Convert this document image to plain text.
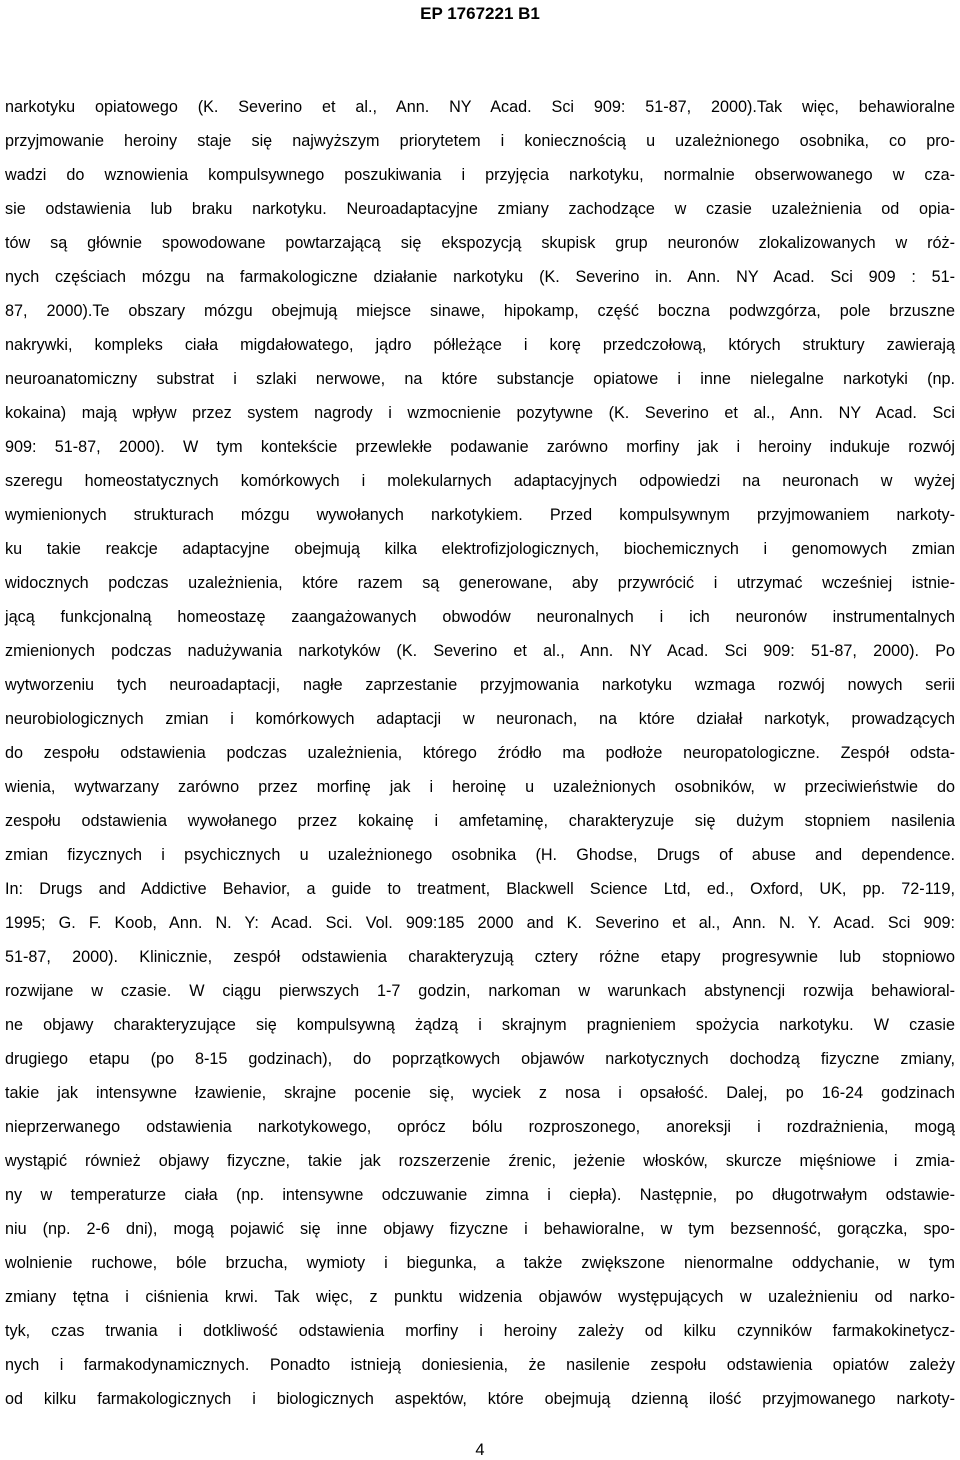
EP 1767221 B1
narkotyku opiatowego (K. Severino et al., Ann. NY Acad. Sci 909: 51-87, 2000).Tak więc, behawioralne
przyjmowanie heroiny staje się najwyższym priorytetem i koniecznością u uzależnionego osobnika, co pro-
wadzi do wznowienia kompulsywnego poszukiwania i przyjęcia narkotyku, normalnie obserwowanego w cza-
sie odstawienia lub braku narkotyku. Neuroadaptacyjne zmiany zachodzące w czasie uzależnienia od opia-
tów są głównie spowodowane powtarzającą się ekspozycją skupisk grup neuronów zlokalizowanych w róż-
nych częściach mózgu na farmakologiczne działanie narkotyku (K. Severino in. Ann. NY Acad. Sci 909 : 51-
87, 2000).Te obszary mózgu obejmują miejsce sinawe, hipokamp, część boczna podwzgórza, pole brzuszne
nakrywki, kompleks ciała migdałowatego, jądro półleżące i korę przedczołową, których struktury zawierają
neuroanatomiczny substrat i szlaki nerwowe, na które substancje opiatowe i inne nielegalne narkotyki (np.
kokaina) mają wpływ przez system nagrody i wzmocnienie pozytywne (K. Severino et al., Ann. NY Acad. Sci
909: 51-87, 2000). W tym kontekście przewlekłe podawanie zarówno morfiny jak i heroiny indukuje rozwój
szeregu homeostatycznych komórkowych i molekularnych adaptacyjnych odpowiedzi na neuronach w wyżej
wymienionych strukturach mózgu wywołanych narkotykiem. Przed kompulsywnym przyjmowaniem narkoty-
ku takie reakcje adaptacyjne obejmują kilka elektrofizjologicznych, biochemicznych i genomowych zmian
widocznych podczas uzależnienia, które razem są generowane, aby przywrócić i utrzymać wcześniej istnie-
jącą funkcjonalną homeostazę zaangażowanych obwodów neuronalnych i ich neuronów instrumentalnych
zmienionych podczas nadużywania narkotyków (K. Severino et al., Ann. NY Acad. Sci 909: 51-87, 2000). Po
wytworzeniu tych neuroadaptacji, nagłe zaprzestanie przyjmowania narkotyku wzmaga rozwój nowych serii
neurobiologicznych zmian i komórkowych adaptacji w neuronach, na które działał narkotyk, prowadzących
do zespołu odstawienia podczas uzależnienia, którego źródło ma podłoże neuropatologiczne. Zespół odsta-
wienia, wytwarzany zarówno przez morfinę jak i heroinę u uzależnionych osobników, w przeciwieństwie do
zespołu odstawienia wywołanego przez kokainę i amfetaminę, charakteryzuje się dużym stopniem nasilenia
zmian fizycznych i psychicznych u uzależnionego osobnika (H. Ghodse, Drugs of abuse and dependence.
In: Drugs and Addictive Behavior, a guide to treatment, Blackwell Science Ltd, ed., Oxford, UK, pp. 72-119,
1995; G. F. Koob, Ann. N. Y: Acad. Sci. Vol. 909:185 2000 and K. Severino et al., Ann. N. Y. Acad. Sci 909:
51-87, 2000). Klinicznie, zespół odstawienia charakteryzują cztery różne etapy progresywnie lub stopniowo
rozwijane w czasie. W ciągu pierwszych 1-7 godzin, narkoman w warunkach abstynencji rozwija behawioral-
ne objawy charakteryzujące się kompulsywną żądzą i skrajnym pragnieniem spożycia narkotyku. W czasie
drugiego etapu (po 8-15 godzinach), do poprzątkowych objawów narkotycznych dochodzą fizyczne zmiany,
takie jak intensywne łzawienie, skrajne pocenie się, wyciek z nosa i opsałość. Dalej, po 16-24 godzinach
nieprzerwanego odstawienia narkotykowego, oprócz bólu rozproszonego, anoreksji i rozdrażnienia, mogą
wystąpić również objawy fizyczne, takie jak rozszerzenie źrenic, jeżenie włosków, skurcze mięśniowe i zmia-
ny w temperaturze ciała (np. intensywne odczuwanie zimna i ciepła). Następnie, po długotrwałym odstawie-
niu (np. 2-6 dni), mogą pojawić się inne objawy fizyczne i behawioralne, w tym bezsenność, gorączka, spo-
wolnienie ruchowe, bóle brzucha, wymioty i biegunka, a także zwiększone nienormalne oddychanie, w tym
zmiany tętna i ciśnienia krwi. Tak więc, z punktu widzenia objawów występujących w uzależnieniu od narko-
tyk, czas trwania i dotkliwość odstawienia morfiny i heroiny zależy od kilku czynników farmakokinetycz-
nych i farmakodynamicznych. Ponadto istnieją doniesienia, że nasilenie zespołu odstawienia opiatów zależy
od kilku farmakologicznych i biologicznych aspektów, które obejmują dzienną ilość przyjmowanego narkoty-
4
